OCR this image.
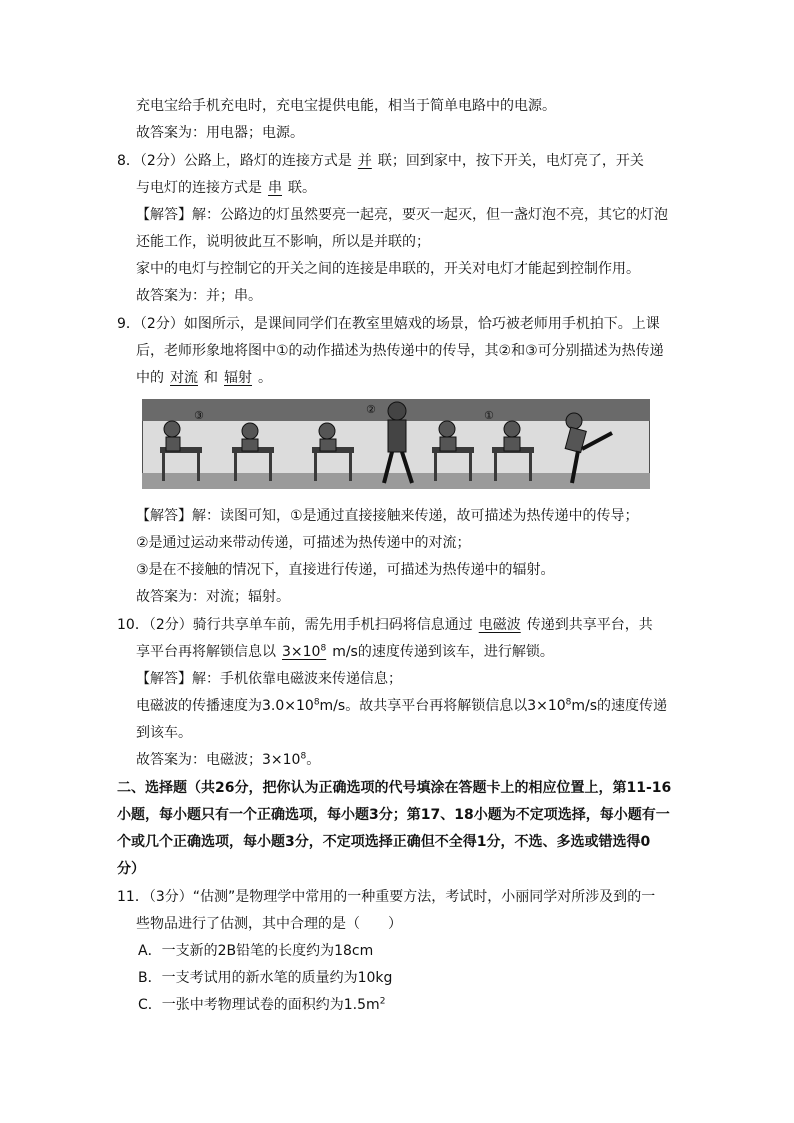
充电宝给手机充电时，充电宝提供电能，相当于简单电路中的电源。
故答案为：用电器；电源。
8．（2分）公路上，路灯的连接方式是 并 联；回到家中，按下开关，电灯亮了，开关
与电灯的连接方式是 串 联。
【解答】解：公路边的灯虽然要亮一起亮，要灭一起灭，但一盏灯泡不亮，其它的灯泡
还能工作，说明彼此互不影响，所以是并联的；
家中的电灯与控制它的开关之间的连接是串联的，开关对电灯才能起到控制作用。
故答案为：并；串。
9．（2分）如图所示，是课间同学们在教室里嬉戏的场景，恰巧被老师用手机拍下。上课
后，老师形象地将图中①的动作描述为热传递中的传导，其②和③可分别描述为热传递
中的 对流 和 辐射 。
③	②	①
【解答】解：读图可知，①是通过直接接触来传递，故可描述为热传递中的传导；
②是通过运动来带动传递，可描述为热传递中的对流；
③是在不接触的情况下，直接进行传递，可描述为热传递中的辐射。
故答案为：对流；辐射。
10．（2分）骑行共享单车前，需先用手机扫码将信息通过 电磁波 传递到共享平台，共
享平台再将解锁信息以 $3\times 10^8$ m/s的速度传递到该车，进行解锁。
【解答】解：手机依靠电磁波来传递信息；
电磁波的传播速度为$3.0\times 10^8m/s$。故共享平台再将解锁信息以$3\times 10^8m/s$的速度传递
到该车。
故答案为：电磁波；$3\times 10^8$。
二、选择题（共26分，把你认为正确选项的代号填涂在答题卡上的相应位置上，第11-16
小题，每小题只有一个正确选项，每小题3分；第17、18小题为不定项选择，每小题有一
个或几个正确选项，每小题3分，不定项选择正确但不全得1分，不选、多选或错选得0
分）
11．（3分）“估测”是物理学中常用的一种重要方法，考试时，小丽同学对所涉及到的一
些物品进行了估测，其中合理的是（　　）
A．一支新的2B铅笔的长度约为18cm
B．一支考试用的新水笔的质量约为10kg
C．一张中考物理试卷的面积约为$1.5m^2$
